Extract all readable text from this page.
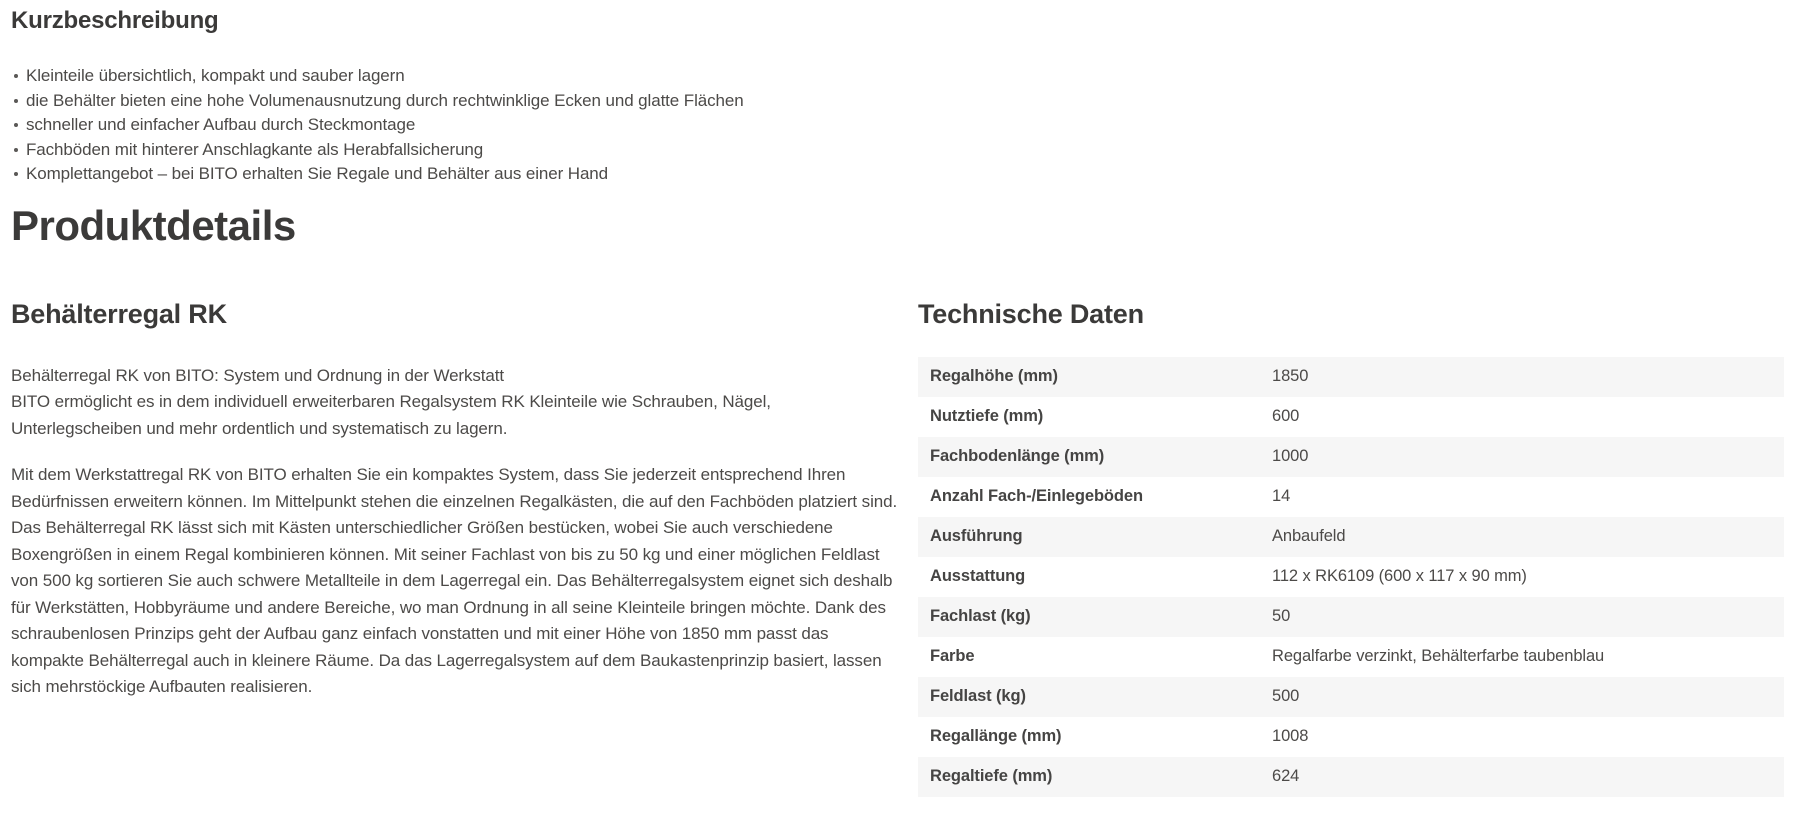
Kurzbeschreibung
Kleinteile übersichtlich, kompakt und sauber lagern
die Behälter bieten eine hohe Volumenausnutzung durch rechtwinklige Ecken und glatte Flächen
schneller und einfacher Aufbau durch Steckmontage
Fachböden mit hinterer Anschlagkante als Herabfallsicherung
Komplettangebot – bei BITO erhalten Sie Regale und Behälter aus einer Hand
Produktdetails
Behälterregal RK

Behälterregal RK von BITO: System und Ordnung in der Werkstatt
BITO ermöglicht es in dem individuell erweiterbaren Regalsystem RK Kleinteile wie Schrauben, Nägel, Unterlegscheiben und mehr ordentlich und systematisch zu lagern.

Mit dem Werkstattregal RK von BITO erhalten Sie ein kompaktes System, dass Sie jederzeit entsprechend Ihren Bedürfnissen erweitern können. Im Mittelpunkt stehen die einzelnen Regalkästen, die auf den Fachböden platziert sind. Das Behälterregal RK lässt sich mit Kästen unterschiedlicher Größen bestücken, wobei Sie auch verschiedene Boxengrößen in einem Regal kombinieren können. Mit seiner Fachlast von bis zu 50 kg und einer möglichen Feldlast von 500 kg sortieren Sie auch schwere Metallteile in dem Lagerregal ein. Das Behälterregalsystem eignet sich deshalb für Werkstätten, Hobbyräume und andere Bereiche, wo man Ordnung in all seine Kleinteile bringen möchte. Dank des schraubenlosen Prinzips geht der Aufbau ganz einfach vonstatten und mit einer Höhe von 1850 mm passt das kompakte Behälterregal auch in kleinere Räume. Da das Lagerregalsystem auf dem Baukastenprinzip basiert, lassen sich mehrstöckige Aufbauten realisieren.

Technische Daten
Regalhöhe (mm)	1850
Nutztiefe (mm)	600
Fachbodenlänge (mm)	1000
Anzahl Fach-/Einlegeböden	14
Ausführung	Anbaufeld
Ausstattung	112 x RK6109 (600 x 117 x 90 mm)
Fachlast (kg)	50
Farbe	Regalfarbe verzinkt, Behälterfarbe taubenblau
Feldlast (kg)	500
Regallänge (mm)	1008
Regaltiefe (mm)	624
